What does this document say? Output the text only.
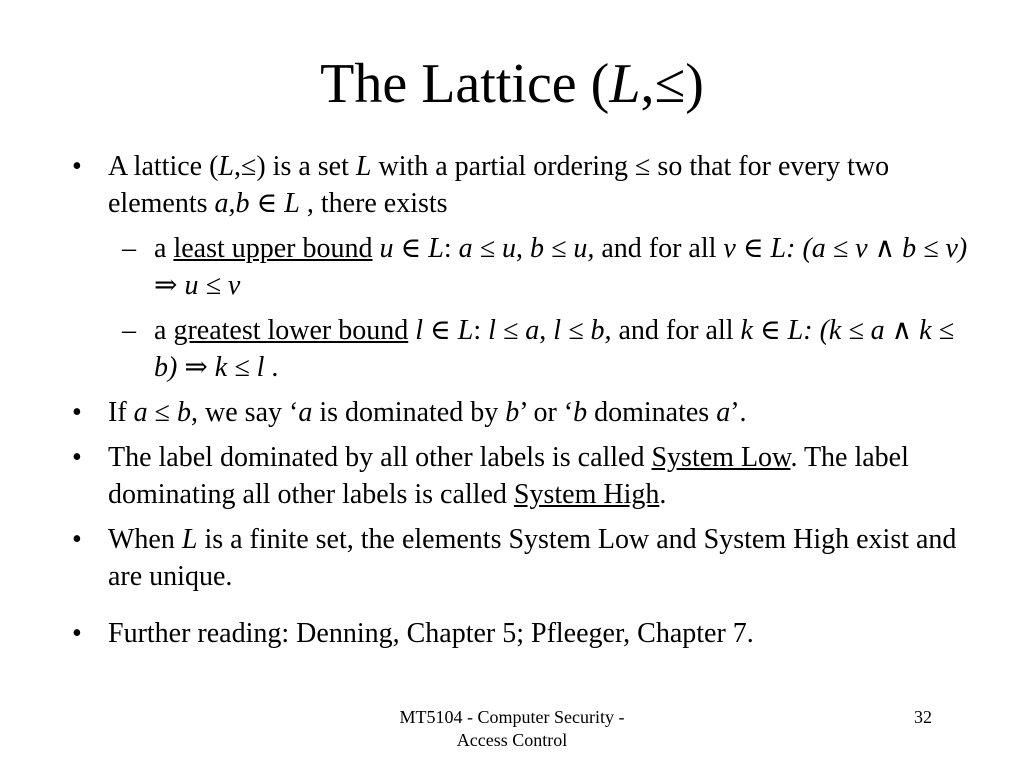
The Lattice (L,≤)
• A lattice (L,≤) is a set L with a partial ordering ≤ so that for every two elements a,b ∈ L , there exists
– a least upper bound u ∈ L: a ≤ u, b ≤ u, and for all v ∈ L: (a ≤ v ∧ b ≤ v) ⇒ u ≤ v
– a greatest lower bound l ∈ L: l ≤ a, l ≤ b, and for all k ∈ L: (k ≤ a ∧ k ≤ b) ⇒ k ≤ l .
• If a ≤ b, we say ‘a is dominated by b’ or ‘b dominates a’.
• The label dominated by all other labels is called System Low. The label dominating all other labels is called System High.
• When L is a finite set, the elements System Low and System High exist and are unique.
• Further reading: Denning, Chapter 5; Pfleeger, Chapter 7.
MT5104 - Computer Security -
Access Control
32
